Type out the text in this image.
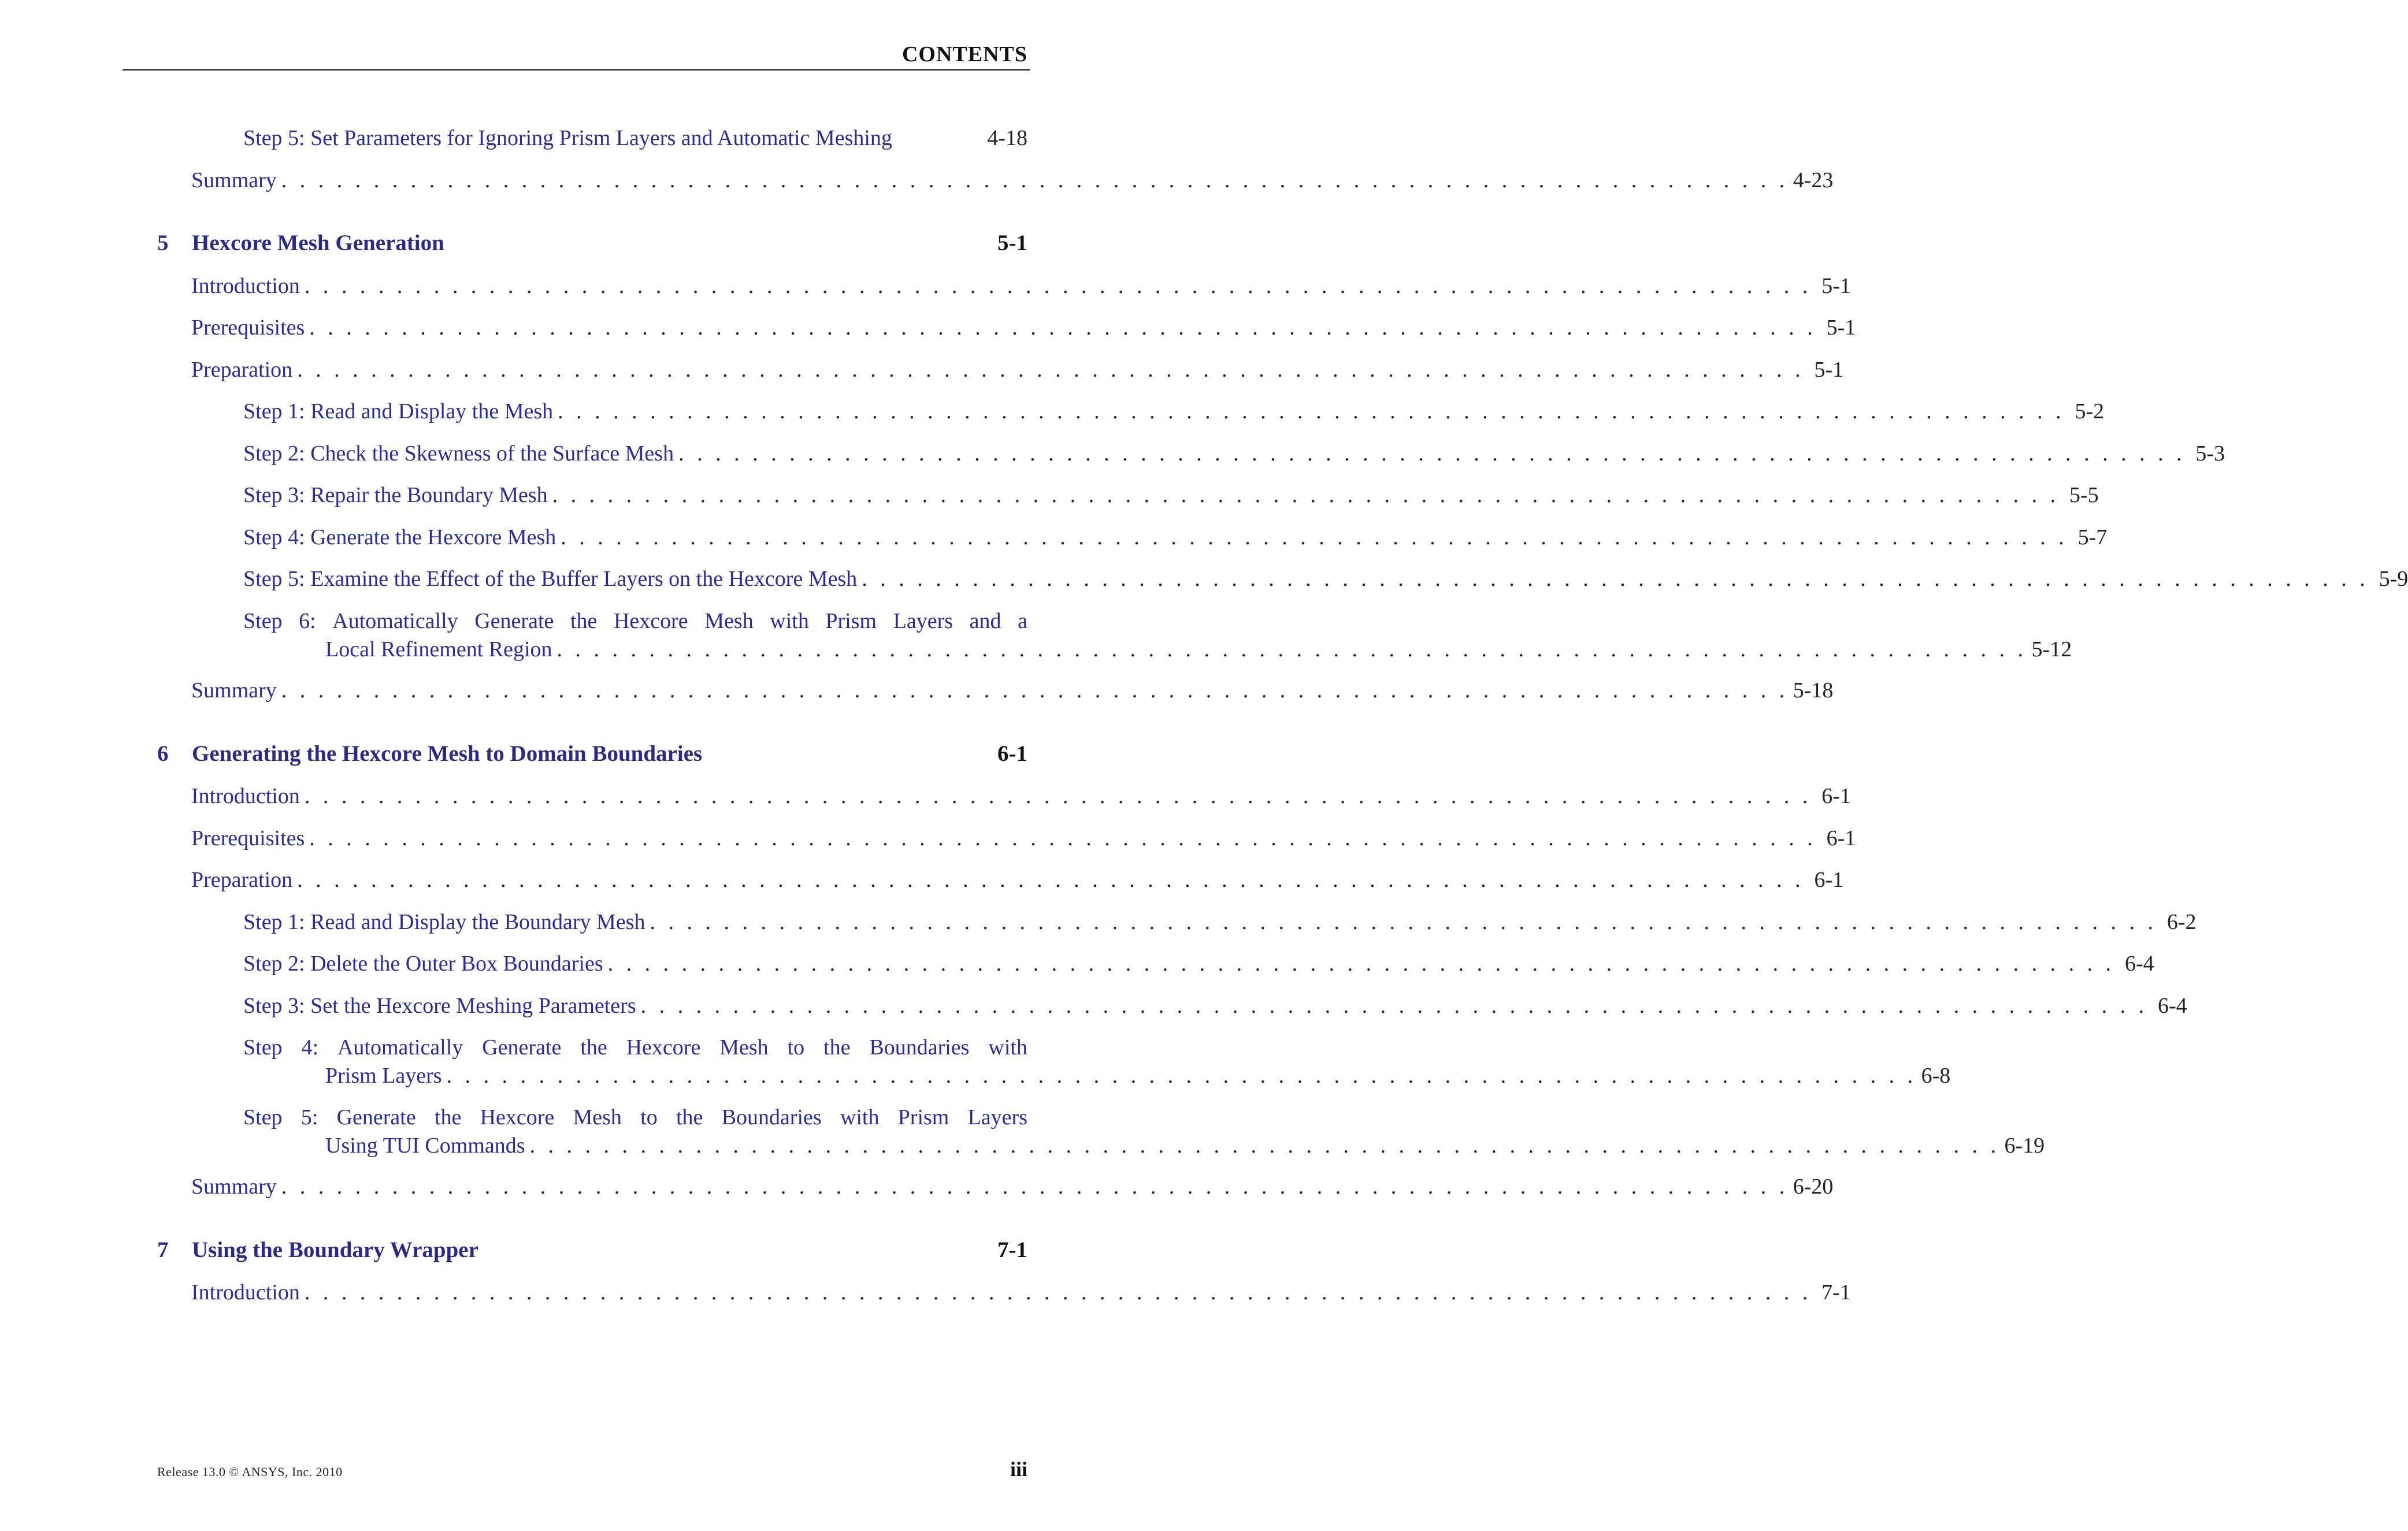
CONTENTS
Step 5: Set Parameters for Ignoring Prism Layers and Automatic Meshing	4-18
Summary . . .	4-23
5	Hexcore Mesh Generation	5-1
Introduction . . .	5-1
Prerequisites . . .	5-1
Preparation . . .	5-1
Step 1: Read and Display the Mesh . . .	5-2
Step 2: Check the Skewness of the Surface Mesh . . .	5-3
Step 3: Repair the Boundary Mesh . . .	5-5
Step 4: Generate the Hexcore Mesh . . .	5-7
Step 5: Examine the Effect of the Buffer Layers on the Hexcore Mesh . . .	5-9
Step 6: Automatically Generate the Hexcore Mesh with Prism Layers and a
Local Refinement Region . . . . . . . . . . . . . . . . . . . . . . . . . . . . . . . . . . . . . . . . . . . . . . . . . . . . . . . . . . . . . . . . . . . . . . . . . . . . . . . . 5-12
Summary . . .	5-18
6	Generating the Hexcore Mesh to Domain Boundaries	6-1
Introduction . . .	6-1
Prerequisites . . .	6-1
Preparation . . .	6-1
Step 1: Read and Display the Boundary Mesh . . .	6-2
Step 2: Delete the Outer Box Boundaries . . .	6-4
Step 3: Set the Hexcore Meshing Parameters . . .	6-4
Step 4: Automatically Generate the Hexcore Mesh to the Boundaries with
Prism Layers . . . . . . . . . . . . . . . . . . . . . . . . . . . . . . . . . . . . . . . . . . . . . . . . . . . . . . . . . . . . . . . . . . . . . . . . . . . . . . . . 6-8
Step 5: Generate the Hexcore Mesh to the Boundaries with Prism Layers
Using TUI Commands . . . . . . . . . . . . . . . . . . . . . . . . . . . . . . . . . . . . . . . . . . . . . . . . . . . . . . . . . . . . . . . . . . . . . . . . . . . . . . . . 6-19
Summary . . .	6-20
7	Using the Boundary Wrapper	7-1
Introduction . . .	7-1
Release 13.0 © ANSYS, Inc. 2010	iii
